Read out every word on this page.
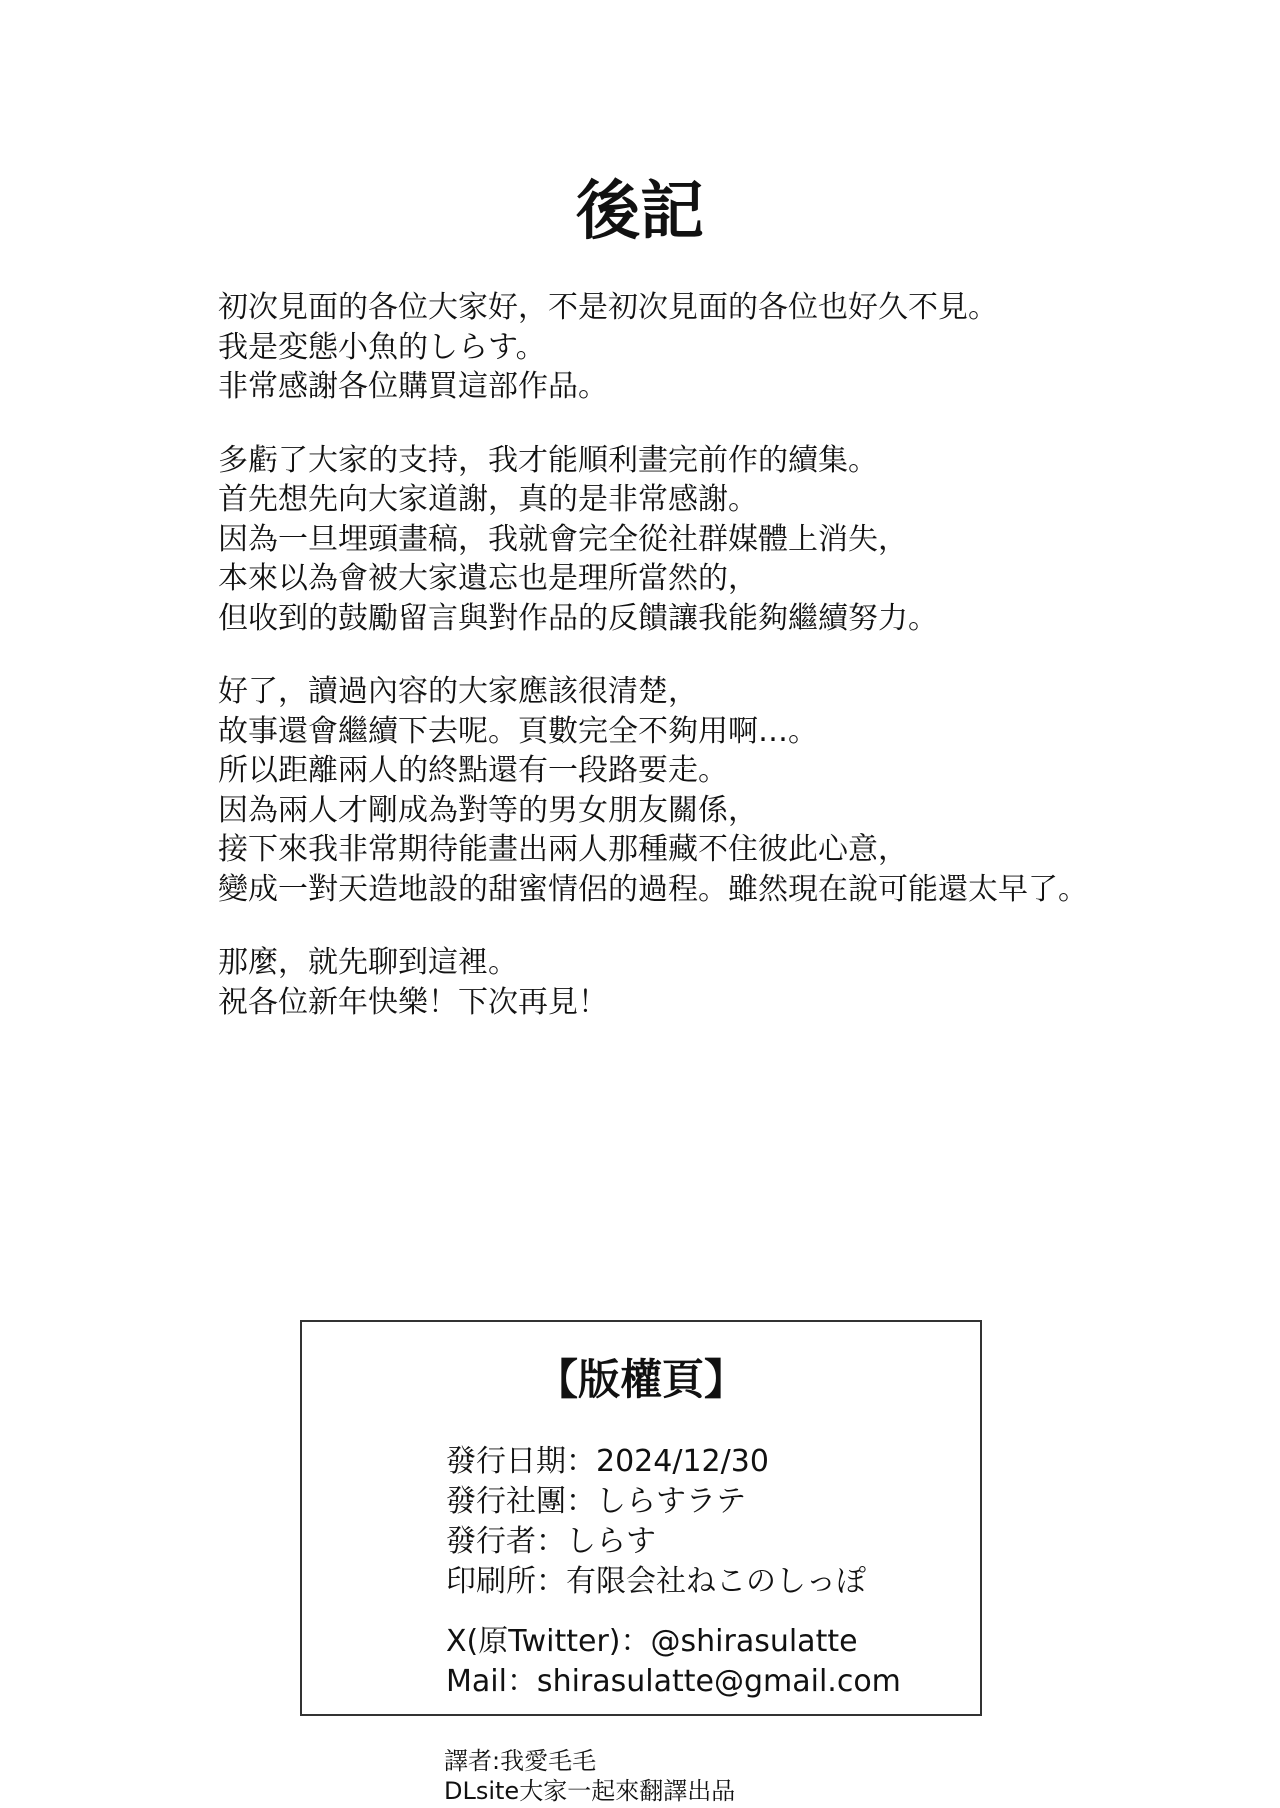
後記
初次見面的各位大家好，不是初次見面的各位也好久不見。
我是変態小魚的しらす。
非常感謝各位購買這部作品。
多虧了大家的支持，我才能順利畫完前作的續集。
首先想先向大家道謝，真的是非常感謝。
因為一旦埋頭畫稿，我就會完全從社群媒體上消失，
本來以為會被大家遺忘也是理所當然的，
但收到的鼓勵留言與對作品的反饋讓我能夠繼續努力。
好了，讀過內容的大家應該很清楚，
故事還會繼續下去呢。頁數完全不夠用啊…。
所以距離兩人的終點還有一段路要走。
因為兩人才剛成為對等的男女朋友關係，
接下來我非常期待能畫出兩人那種藏不住彼此心意，
變成一對天造地設的甜蜜情侶的過程。雖然現在說可能還太早了。
那麼，就先聊到這裡。
祝各位新年快樂！下次再見！
【版權頁】
發行日期：2024/12/30
發行社團：しらすラテ
發行者：しらす
印刷所：有限会社ねこのしっぽ
X(原Twitter)：@shirasulatte
Mail：shirasulatte@gmail.com
譯者:我愛毛毛
DLsite大家一起來翻譯出品
